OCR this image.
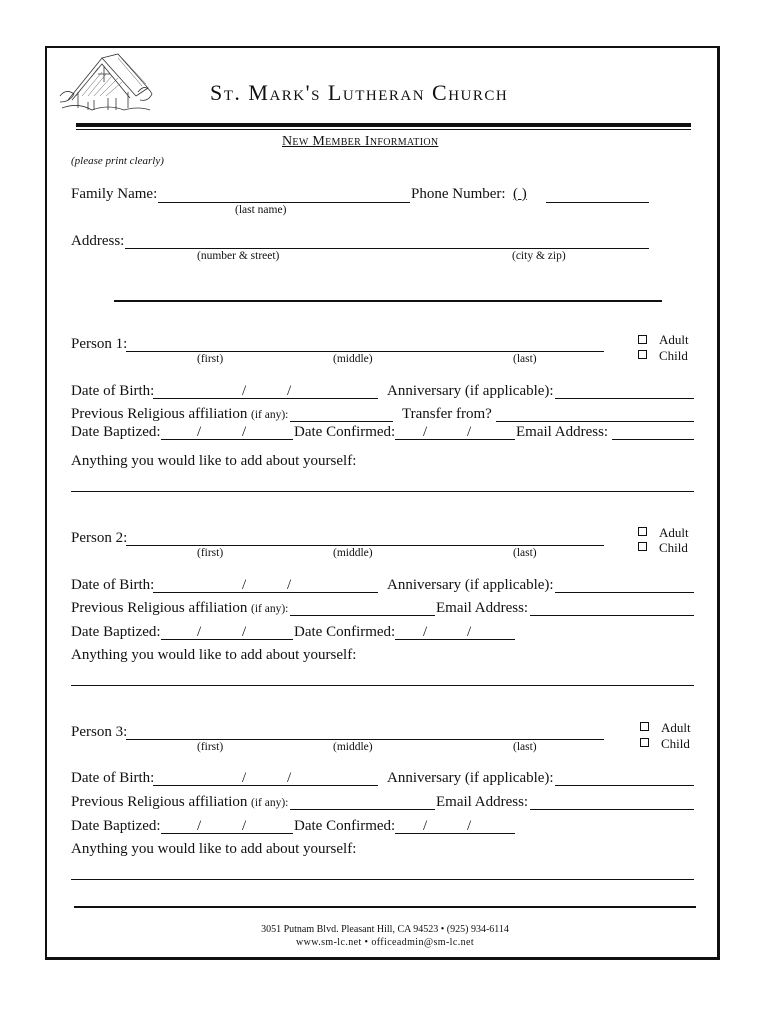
St. Mark's Lutheran Church
New Member Information
(please print clearly)
Family Name:	Phone Number: ( )
(last name)
Address:
(number & street)	(city & zip)
Person 1:
(first)	(middle)	(last)
Adult
Child
Date of Birth:	/	/	Anniversary (if applicable):
Previous Religious affiliation (if any):	Transfer from?
Date Baptized: /	/	Date Confirmed: /	/	Email Address:
Anything you would like to add about yourself:
Person 2:
(first)	(middle)	(last)
Adult
Child
Date of Birth:	/	/	Anniversary (if applicable):
Previous Religious affiliation (if any):	Email Address:
Date Baptized: /	/	Date Confirmed: /	/
Anything you would like to add about yourself:
Person 3:
(first)	(middle)	(last)
Adult
Child
Date of Birth:	/	/	Anniversary (if applicable):
Previous Religious affiliation (if any):	Email Address:
Date Baptized: /	/	Date Confirmed: /	/
Anything you would like to add about yourself:
3051 Putnam Blvd. Pleasant Hill, CA 94523 • (925) 934-6114
www.sm-lc.net • officeadmin@sm-lc.net
